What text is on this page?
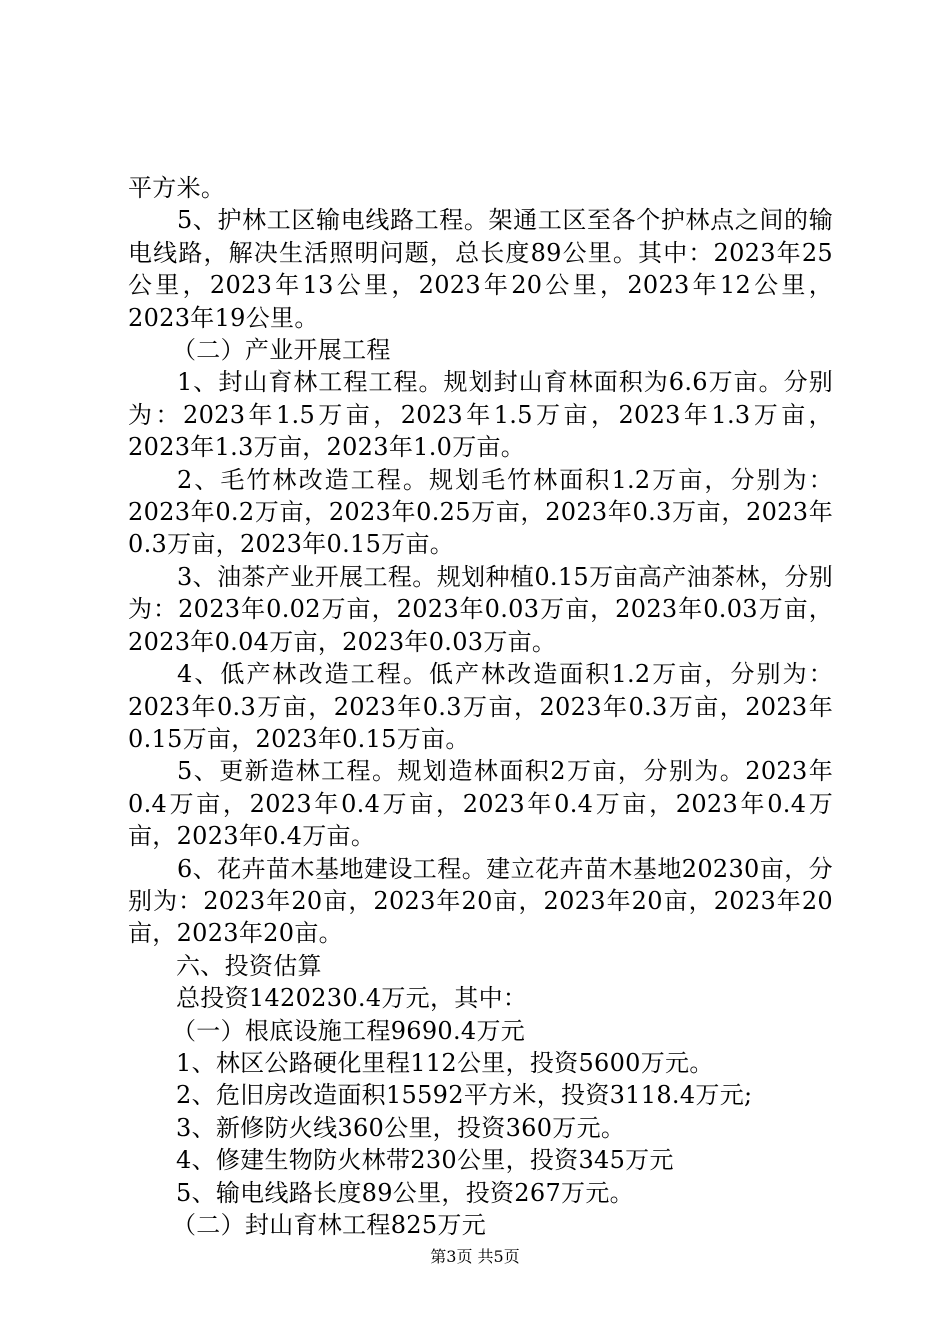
平方米。

5、护林工区输电线路工程。架通工区至各个护林点之间的输电线路，解决生活照明问题，总长度89公里。其中：2023年25公里，2023年13公里，2023年20公里，2023年12公里，2023年19公里。

（二）产业开展工程

1、封山育林工程工程。规划封山育林面积为6.6万亩。分别为：2023年1.5万亩，2023年1.5万亩，2023年1.3万亩，2023年1.3万亩，2023年1.0万亩。

2、毛竹林改造工程。规划毛竹林面积1.2万亩，分别为：2023年0.2万亩，2023年0.25万亩，2023年0.3万亩，2023年0.3万亩，2023年0.15万亩。

3、油茶产业开展工程。规划种植0.15万亩高产油茶林，分别为：2023年0.02万亩，2023年0.03万亩，2023年0.03万亩，2023年0.04万亩，2023年0.03万亩。

4、低产林改造工程。低产林改造面积1.2万亩，分别为：2023年0.3万亩，2023年0.3万亩，2023年0.3万亩，2023年0.15万亩，2023年0.15万亩。

5、更新造林工程。规划造林面积2万亩，分别为。2023年0.4万亩，2023年0.4万亩，2023年0.4万亩，2023年0.4万亩，2023年0.4万亩。

6、花卉苗木基地建设工程。建立花卉苗木基地20230亩，分别为：2023年20亩，2023年20亩，2023年20亩，2023年20亩，2023年20亩。

六、投资估算

总投资1420230.4万元，其中：

（一）根底设施工程9690.4万元

1、林区公路硬化里程112公里，投资5600万元。

2、危旧房改造面积15592平方米，投资3118.4万元;

3、新修防火线360公里，投资360万元。

4、修建生物防火林带230公里，投资345万元

5、输电线路长度89公里，投资267万元。

（二）封山育林工程825万元

第3页 共5页
